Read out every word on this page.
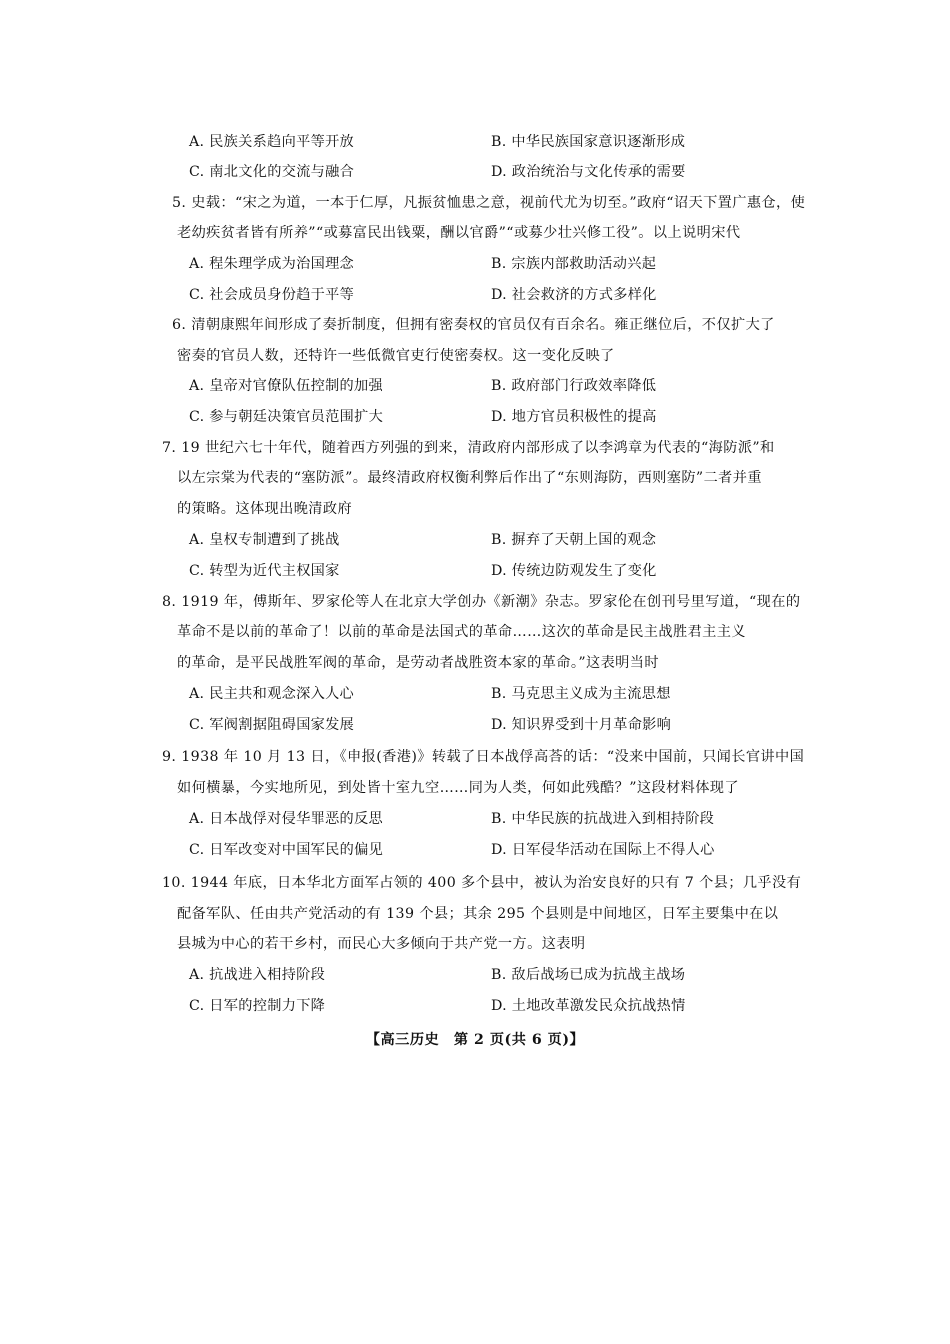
A. 民族关系趋向平等开放	B. 中华民族国家意识逐渐形成
C. 南北文化的交流与融合	D. 政治统治与文化传承的需要
5. 史载：“宋之为道，一本于仁厚，凡振贫恤患之意，视前代尤为切至。”政府“诏天下置广惠仓，使
老幼疾贫者皆有所养”“或募富民出钱粟，酬以官爵”“或募少壮兴修工役”。以上说明宋代
A. 程朱理学成为治国理念	B. 宗族内部救助活动兴起
C. 社会成员身份趋于平等	D. 社会救济的方式多样化
6. 清朝康熙年间形成了奏折制度，但拥有密奏权的官员仅有百余名。雍正继位后，不仅扩大了
密奏的官员人数，还特许一些低微官吏行使密奏权。这一变化反映了
A. 皇帝对官僚队伍控制的加强	B. 政府部门行政效率降低
C. 参与朝廷决策官员范围扩大	D. 地方官员积极性的提高
7. 19 世纪六七十年代，随着西方列强的到来，清政府内部形成了以李鸿章为代表的“海防派”和
以左宗棠为代表的“塞防派”。最终清政府权衡利弊后作出了“东则海防，西则塞防”二者并重
的策略。这体现出晚清政府
A. 皇权专制遭到了挑战	B. 摒弃了天朝上国的观念
C. 转型为近代主权国家	D. 传统边防观发生了变化
8. 1919 年，傅斯年、罗家伦等人在北京大学创办《新潮》杂志。罗家伦在创刊号里写道，“现在的
革命不是以前的革命了！以前的革命是法国式的革命……这次的革命是民主战胜君主主义
的革命，是平民战胜军阀的革命，是劳动者战胜资本家的革命。”这表明当时
A. 民主共和观念深入人心	B. 马克思主义成为主流思想
C. 军阀割据阻碍国家发展	D. 知识界受到十月革命影响
9. 1938 年 10 月 13 日，《申报(香港)》转载了日本战俘高荅的话：“没来中国前，只闻长官讲中国
如何横暴，今实地所见，到处皆十室九空……同为人类，何如此残酷？”这段材料体现了
A. 日本战俘对侵华罪恶的反思	B. 中华民族的抗战进入到相持阶段
C. 日军改变对中国军民的偏见	D. 日军侵华活动在国际上不得人心
10. 1944 年底，日本华北方面军占领的 400 多个县中，被认为治安良好的只有 7 个县；几乎没有
配备军队、任由共产党活动的有 139 个县；其余 295 个县则是中间地区，日军主要集中在以
县城为中心的若干乡村，而民心大多倾向于共产党一方。这表明
A. 抗战进入相持阶段	B. 敌后战场已成为抗战主战场
C. 日军的控制力下降	D. 土地改革激发民众抗战热情
【高三历史　第 2 页(共 6 页)】
